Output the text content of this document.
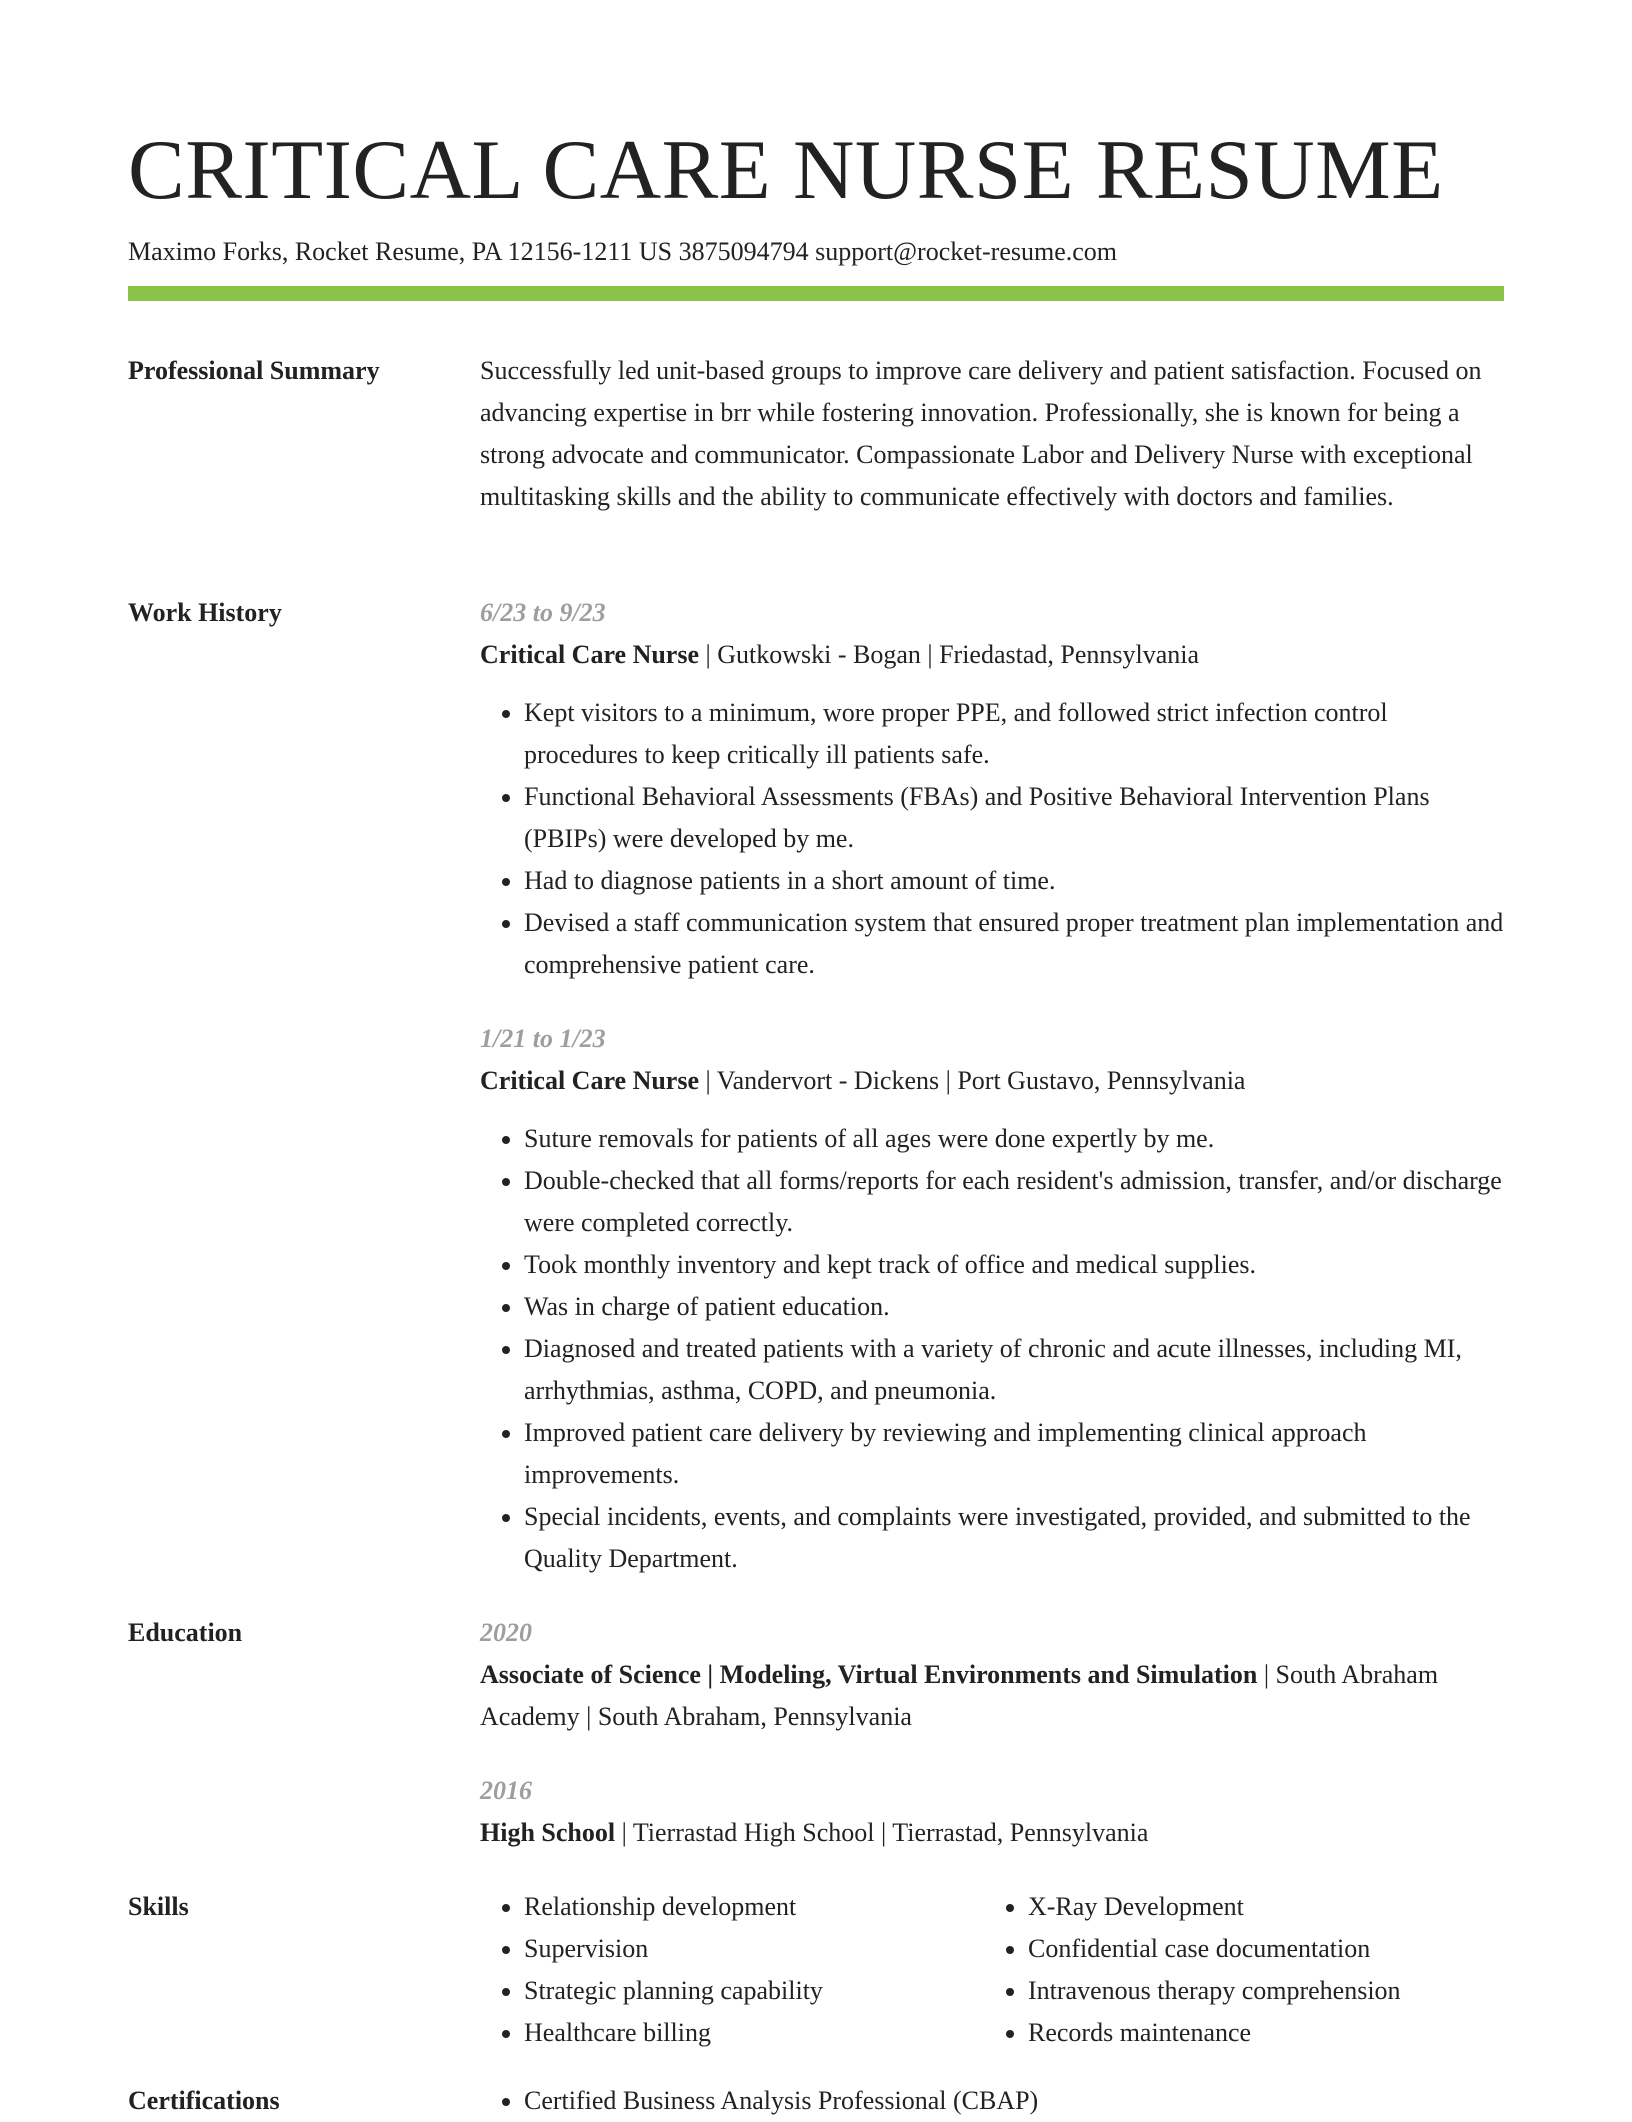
CRITICAL CARE NURSE RESUME
Maximo Forks, Rocket Resume, PA 12156-1211 US 3875094794 support@rocket-resume.com
Professional Summary	Successfully led unit-based groups to improve care delivery and patient satisfaction. Focused on advancing expertise in brr while fostering innovation. Professionally, she is known for being a strong advocate and communicator. Compassionate Labor and Delivery Nurse with exceptional multitasking skills and the ability to communicate effectively with doctors and families.

Work History	6/23 to 9/23
Critical Care Nurse | Gutkowski - Bogan | Friedastad, Pennsylvania
• Kept visitors to a minimum, wore proper PPE, and followed strict infection control procedures to keep critically ill patients safe.
• Functional Behavioral Assessments (FBAs) and Positive Behavioral Intervention Plans (PBIPs) were developed by me.
• Had to diagnose patients in a short amount of time.
• Devised a staff communication system that ensured proper treatment plan implementation and comprehensive patient care.
1/21 to 1/23
Critical Care Nurse | Vandervort - Dickens | Port Gustavo, Pennsylvania
• Suture removals for patients of all ages were done expertly by me.
• Double-checked that all forms/reports for each resident's admission, transfer, and/or discharge were completed correctly.
• Took monthly inventory and kept track of office and medical supplies.
• Was in charge of patient education.
• Diagnosed and treated patients with a variety of chronic and acute illnesses, including MI, arrhythmias, asthma, COPD, and pneumonia.
• Improved patient care delivery by reviewing and implementing clinical approach improvements.
• Special incidents, events, and complaints were investigated, provided, and submitted to the Quality Department.
Education	2020
Associate of Science | Modeling, Virtual Environments and Simulation | South Abraham Academy | South Abraham, Pennsylvania
2016
High School | Tierrastad High School | Tierrastad, Pennsylvania
Skills	• Relationship development
• Supervision
• Strategic planning capability
• Healthcare billing
• X-Ray Development
• Confidential case documentation
• Intravenous therapy comprehension
• Records maintenance
Certifications	• Certified Business Analysis Professional (CBAP)
